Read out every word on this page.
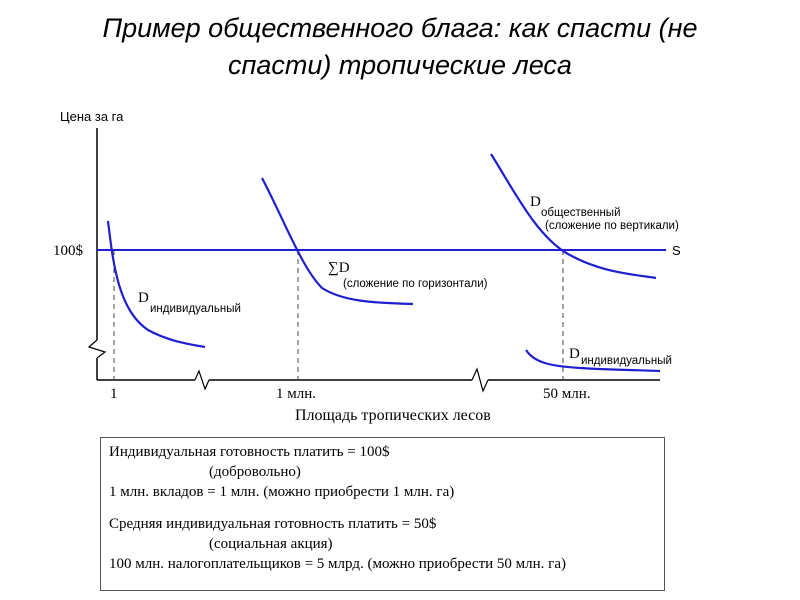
Пример общественного блага: как спасти (не
спасти) тропические леса
Цена за га
100$
1	1 млн.	50 млн.
Площадь тропических лесов
S
D
индивидуальный
∑D
(сложение по горизонтали)
D
общественный
(сложение по вертикали)
D индивидуальный
Индивидуальная готовность платить = 100$
(добровольно)
1 млн. вкладов = 1 млн. (можно приобрести 1 млн. га)
Средняя индивидуальная готовность платить = 50$
(социальная акция)
100 млн. налогоплательщиков = 5 млрд. (можно приобрести 50 млн. га)
